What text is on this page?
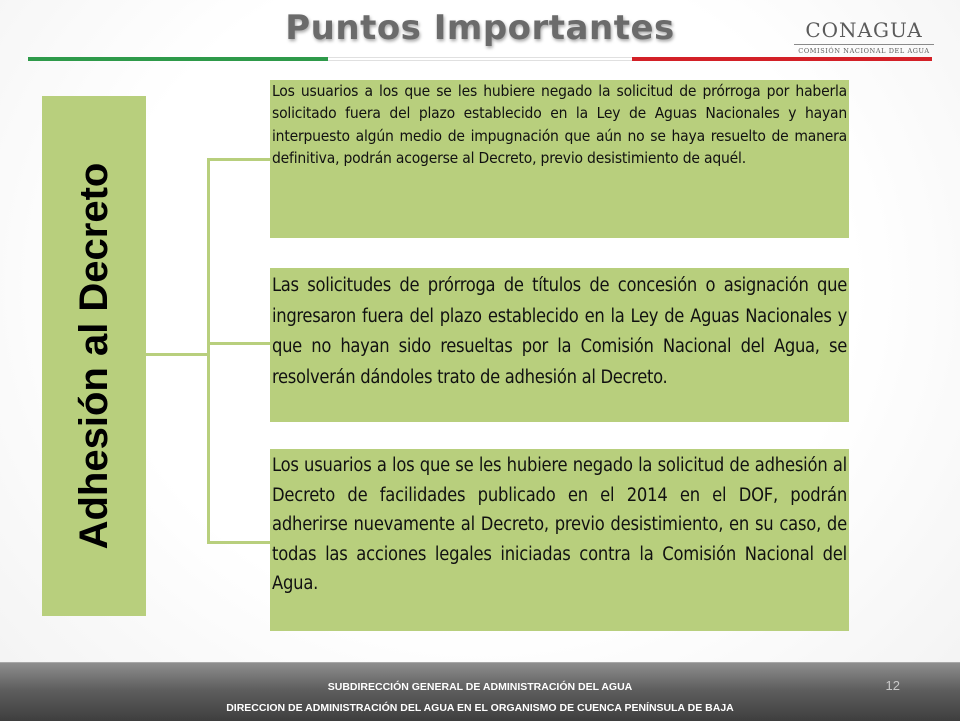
Puntos Importantes	CONAGUA
COMISIÓN NACIONAL DEL AGUA
Adhesión al Decreto
Los usuarios a los que se les hubiere negado la solicitud de prórroga por haberla solicitado fuera del plazo establecido en la Ley de Aguas Nacionales y hayan interpuesto algún medio de impugnación que aún no se haya resuelto de manera definitiva, podrán acogerse al Decreto, previo desistimiento de aquél.
Las solicitudes de prórroga de títulos de concesión o asignación que ingresaron fuera del plazo establecido en la Ley de Aguas Nacionales y que no hayan sido resueltas por la Comisión Nacional del Agua, se resolverán dándoles trato de adhesión al Decreto.
Los usuarios a los que se les hubiere negado la solicitud de adhesión al Decreto de facilidades publicado en el 2014 en el DOF, podrán adherirse nuevamente al Decreto, previo desistimiento, en su caso, de todas las acciones legales iniciadas contra la Comisión Nacional del Agua.
SUBDIRECCIÓN GENERAL DE ADMINISTRACIÓN DEL AGUA
DIRECCION DE ADMINISTRACIÓN DEL AGUA EN EL ORGANISMO DE CUENCA PENÍNSULA DE BAJA
12
